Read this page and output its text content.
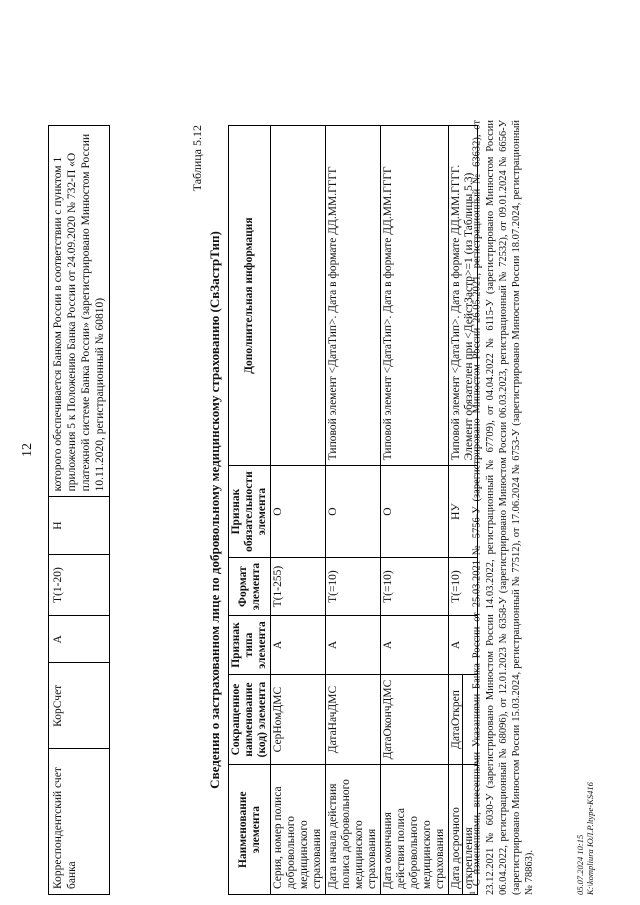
12
Корреспондентский счет банка	КорСчет	А	Т(1-20)	Н	которого обеспечивается Банком России в соответствии с пунктом 1 приложения 5 к Положению Банка России от 24.09.2020 № 732-П «О платежной системе Банка России» (зарегистрировано Минюстом России 10.11.2020, регистрационный № 60810)
Таблица 5.12
Сведения о застрахованном лице по добровольному медицинскому страхованию (СвЗастрТип)
Наименование элемента	Сокращенное наименование (код) элемента	Признак типа элемента	Формат элемента	Признак обязательности элемента	Дополнительная информация
Серия, номер полиса добровольного медицинского страхования	СерНомДМС	А	Т(1-255)	О	
Дата начала действия полиса добровольного медицинского страхования	ДатаНачДМС	А	Т(=10)	О	Типовой элемент <ДатаТип>. Дата в формате ДД.ММ.ГГГГ
Дата окончания действия полиса добровольного медицинского страхования	ДатаОкончДМС	А	Т(=10)	О	Типовой элемент <ДатаТип>. Дата в формате ДД.ММ.ГГГГ
Дата досрочного открепления	ДатаОткреп	А	Т(=10)	НУ	Типовой элемент <ДатаТип>. Дата в формате ДД.ММ.ГГГГ. Элемент обязателен при <ДейстЗастр>=1 (из Таблицы 5.3)
$^1$ С изменениями, внесенными Указаниями Банка России от 25.03.2021 № 5756-У (зарегистрировано Минюстом России 26.05.2021, регистрационный № 63632), от 23.12.2021 № 6030-У (зарегистрировано Минюстом России 14.03.2022, регистрационный № 67709), от 04.04.2022 № 6115-У (зарегистрировано Минюстом России 06.04.2022, регистрационный № 68096), от 12.01.2023 № 6358-У (зарегистрировано Минюстом России 06.03.2023, регистрационный № 72532), от 09.01.2024 № 6656-У (зарегистрировано Минюстом России 15.03.2024, регистрационный № 77512), от 17.06.2024 № 6753-У (зарегистрировано Минюстом России 18.07.2024, регистрационный № 78863).	05.07.2024 10:15 К:\kompliura ЮЛ.Р.ltype-KS416
